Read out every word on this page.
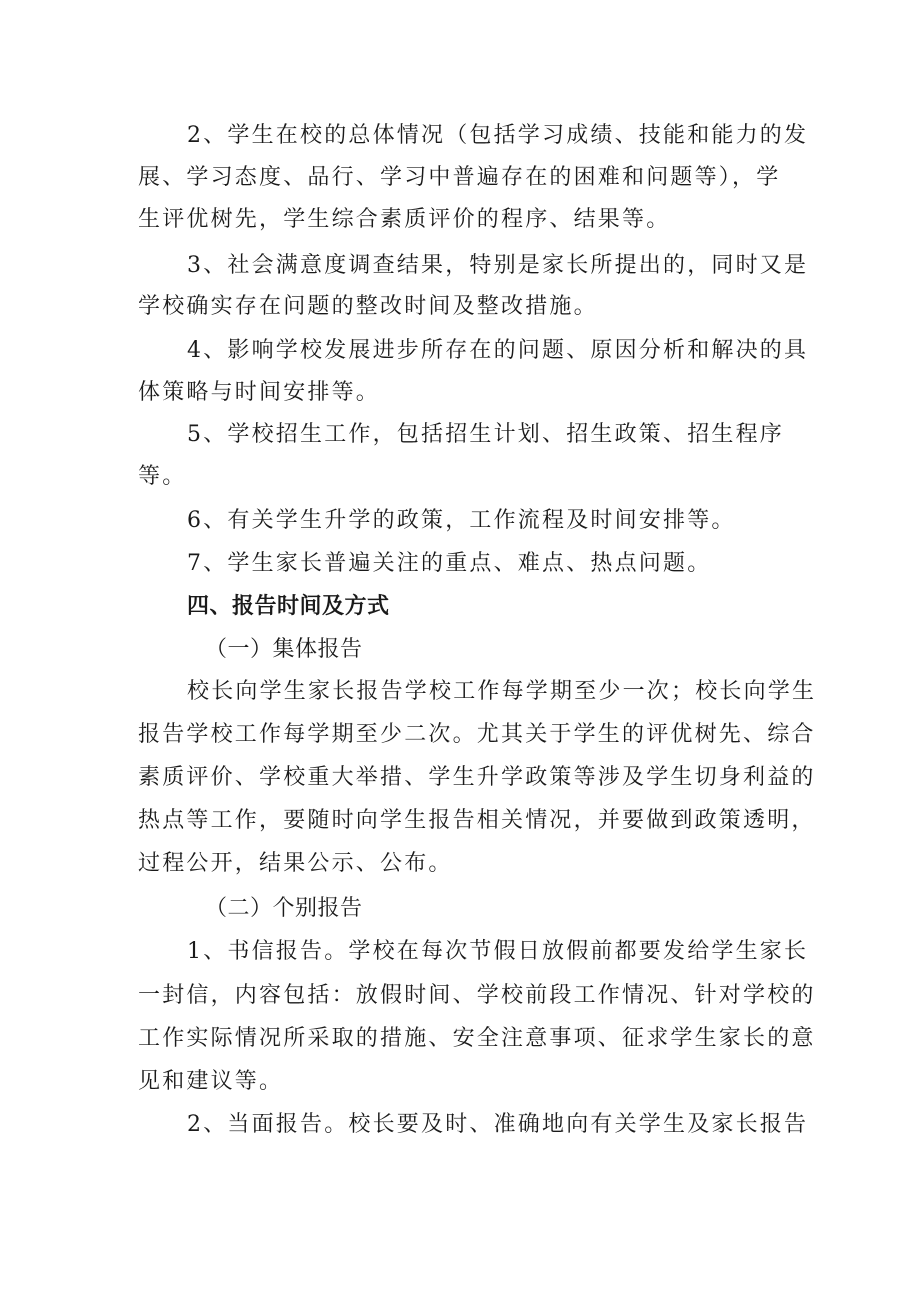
2、学生在校的总体情况（包括学习成绩、技能和能力的发
展、学习态度、品行、学习中普遍存在的困难和问题等），学
生评优树先，学生综合素质评价的程序、结果等。
3、社会满意度调查结果，特别是家长所提出的，同时又是
学校确实存在问题的整改时间及整改措施。
4、影响学校发展进步所存在的问题、原因分析和解决的具
体策略与时间安排等。
5、学校招生工作，包括招生计划、招生政策、招生程序
等。
6、有关学生升学的政策，工作流程及时间安排等。
7、学生家长普遍关注的重点、难点、热点问题。
四、报告时间及方式
（一）集体报告
校长向学生家长报告学校工作每学期至少一次；校长向学生
报告学校工作每学期至少二次。尤其关于学生的评优树先、综合
素质评价、学校重大举措、学生升学政策等涉及学生切身利益的
热点等工作，要随时向学生报告相关情况，并要做到政策透明，
过程公开，结果公示、公布。
（二）个别报告
1、书信报告。学校在每次节假日放假前都要发给学生家长
一封信，内容包括：放假时间、学校前段工作情况、针对学校的
工作实际情况所采取的措施、安全注意事项、征求学生家长的意
见和建议等。
2、当面报告。校长要及时、准确地向有关学生及家长报告
